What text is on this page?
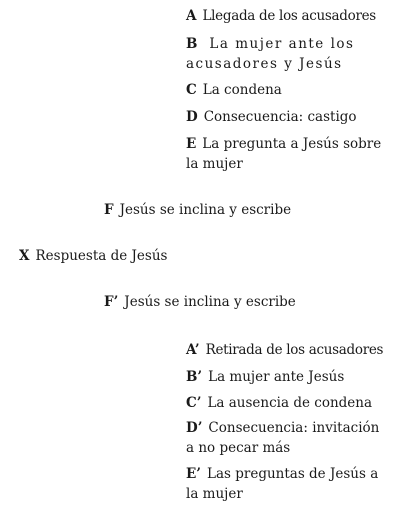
A Llegada de los acusadores
B La mujer ante los acusadores y Jesús
C La condena
D Consecuencia: castigo
E La pregunta a Jesús sobre la mujer
F Jesús se inclina y escribe
X Respuesta de Jesús
F’ Jesús se inclina y escribe
A’ Retirada de los acusadores
B’ La mujer ante Jesús
C’ La ausencia de condena
D’ Consecuencia: invitación a no pecar más
E’ Las preguntas de Jesús a la mujer
